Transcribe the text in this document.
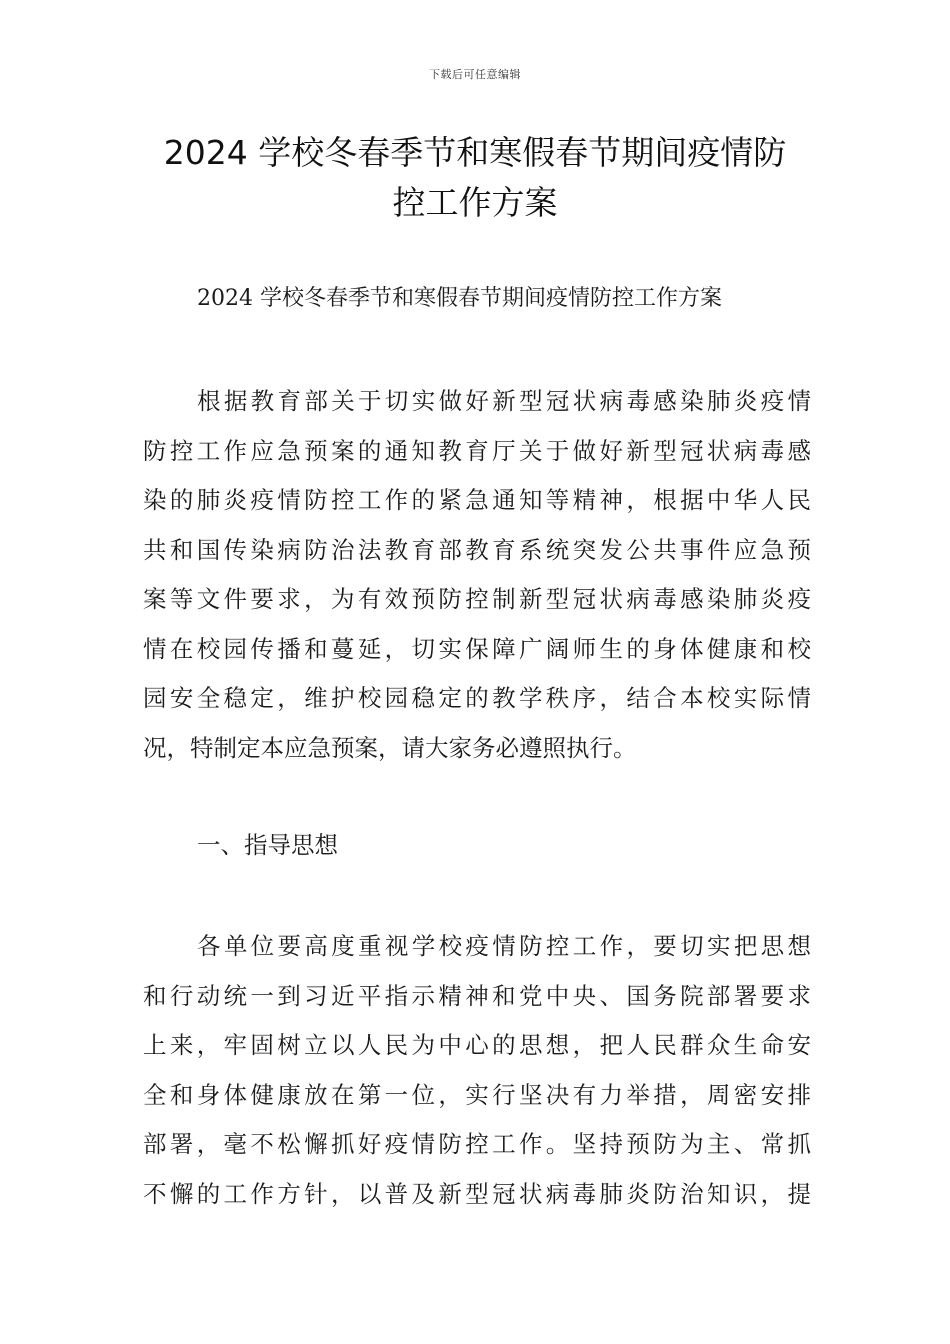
下载后可任意编辑
2024 学校冬春季节和寒假春节期间疫情防
控工作方案
2024 学校冬春季节和寒假春节期间疫情防控工作方案
根据教育部关于切实做好新型冠状病毒感染肺炎疫情
防控工作应急预案的通知教育厅关于做好新型冠状病毒感
染的肺炎疫情防控工作的紧急通知等精神，根据中华人民
共和国传染病防治法教育部教育系统突发公共事件应急预
案等文件要求，为有效预防控制新型冠状病毒感染肺炎疫
情在校园传播和蔓延，切实保障广阔师生的身体健康和校
园安全稳定，维护校园稳定的教学秩序，结合本校实际情
况，特制定本应急预案，请大家务必遵照执行。
一、指导思想
各单位要高度重视学校疫情防控工作，要切实把思想
和行动统一到习近平指示精神和党中央、国务院部署要求
上来，牢固树立以人民为中心的思想，把人民群众生命安
全和身体健康放在第一位，实行坚决有力举措，周密安排
部署，毫不松懈抓好疫情防控工作。坚持预防为主、常抓
不懈的工作方针，以普及新型冠状病毒肺炎防治知识，提
